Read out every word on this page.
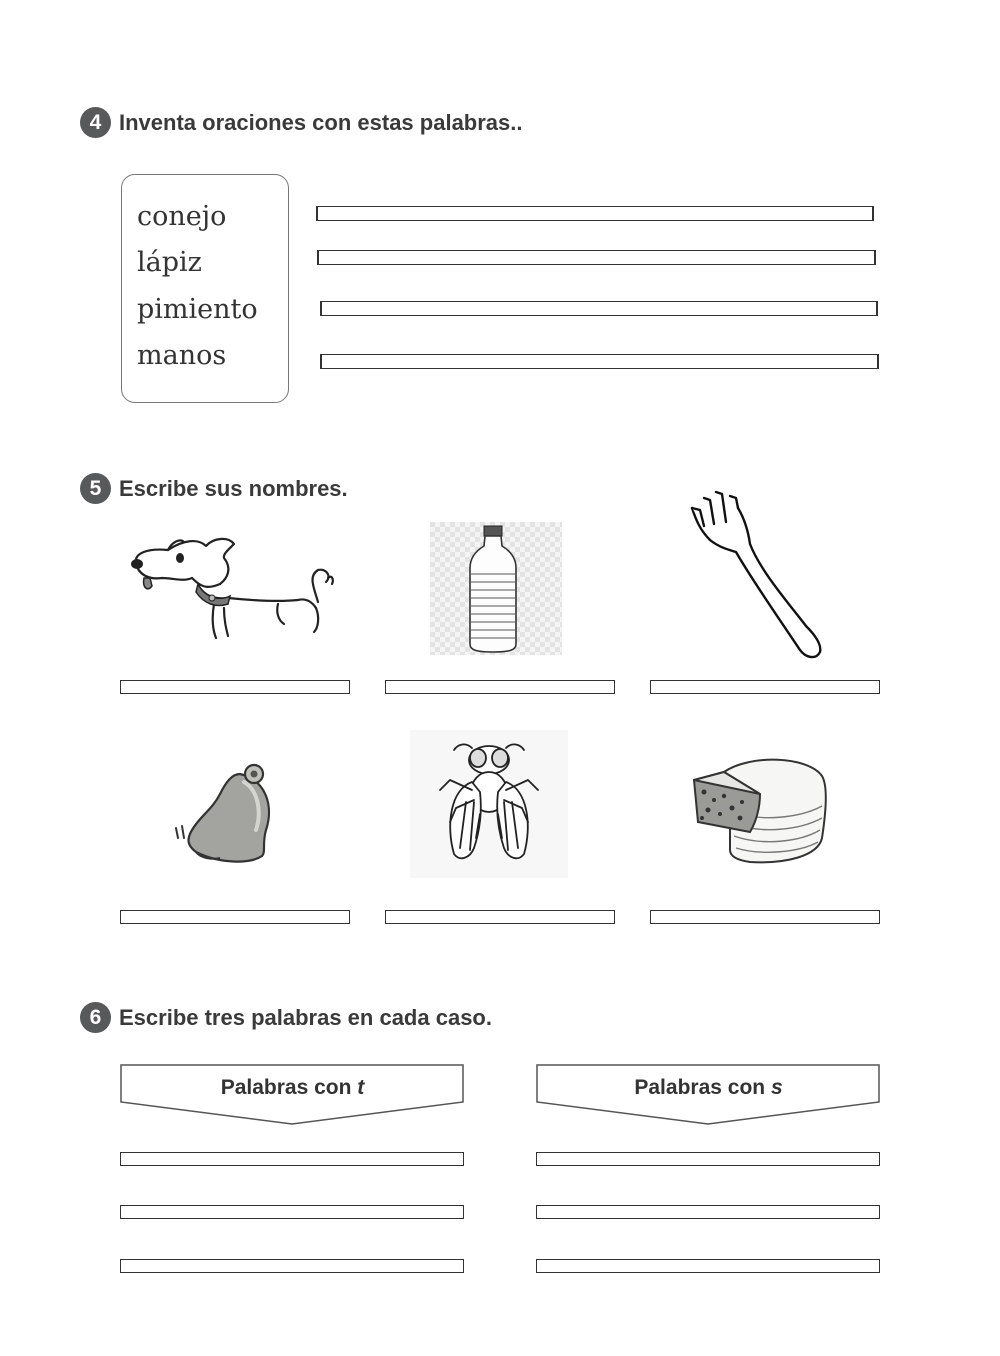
4 Inventa oraciones con estas palabras..
conejo
lápiz
pimiento
manos
5 Escribe sus nombres.
6 Escribe tres palabras en cada caso.
Palabras con t	Palabras con s
